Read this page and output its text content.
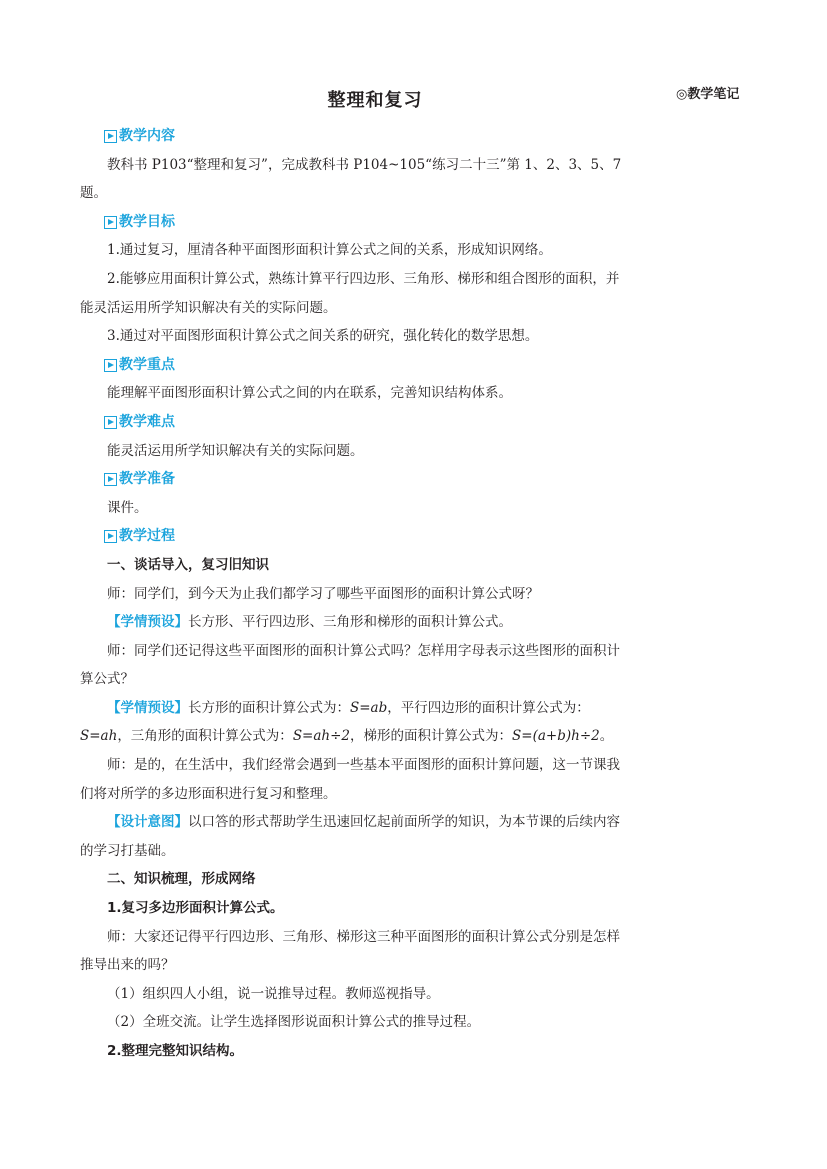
整理和复习	◎教学笔记

教学内容

教科书 P103“整理和复习”，完成教科书 P104~105“练习二十三”第 1、2、3、5、7 题。

教学目标

1.通过复习，厘清各种平面图形面积计算公式之间的关系，形成知识网络。

2.能够应用面积计算公式，熟练计算平行四边形、三角形、梯形和组合图形的面积，并能灵活运用所学知识解决有关的实际问题。

3.通过对平面图形面积计算公式之间关系的研究，强化转化的数学思想。

教学重点

能理解平面图形面积计算公式之间的内在联系，完善知识结构体系。

教学难点

能灵活运用所学知识解决有关的实际问题。

教学准备

课件。

教学过程

一、谈话导入，复习旧知识

师：同学们，到今天为止我们都学习了哪些平面图形的面积计算公式呀？

【学情预设】长方形、平行四边形、三角形和梯形的面积计算公式。

师：同学们还记得这些平面图形的面积计算公式吗？怎样用字母表示这些图形的面积计算公式？

【学情预设】长方形的面积计算公式为：S=ab，平行四边形的面积计算公式为：S=ah，三角形的面积计算公式为：S=ah÷2，梯形的面积计算公式为：S=(a+b)h÷2。

师：是的，在生活中，我们经常会遇到一些基本平面图形的面积计算问题，这一节课我们将对所学的多边形面积进行复习和整理。

【设计意图】以口答的形式帮助学生迅速回忆起前面所学的知识，为本节课的后续内容的学习打基础。

二、知识梳理，形成网络

1.复习多边形面积计算公式。

师：大家还记得平行四边形、三角形、梯形这三种平面图形的面积计算公式分别是怎样推导出来的吗？

（1）组织四人小组，说一说推导过程。教师巡视指导。

（2）全班交流。让学生选择图形说面积计算公式的推导过程。

2.整理完整知识结构。
